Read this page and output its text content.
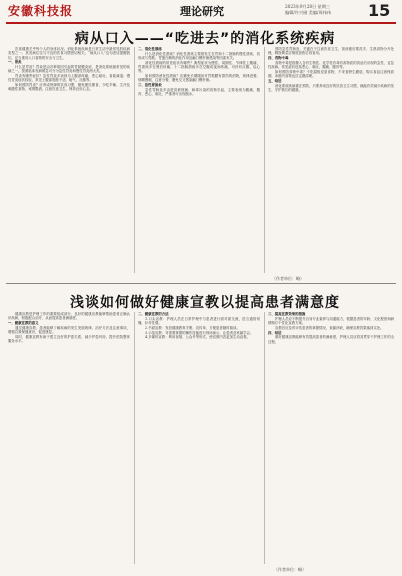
安徽科技报	理论研究	2023年9月28日 星期三
编辑/许兴刚 美编/周伟伟	15
病从口入——“吃进去”的消化系统疾病

饮食健康关乎每个人的身体状况。消化系统疾病是日常生活中最常见的疾病类型之一，其发病往往与不良的饮食习惯密切相关。“病从口入”这句老话提醒我们，应当重视入口食物的安全与卫生。

一、胃炎

什么是胃炎？胃炎是由各种原因引起的胃黏膜炎症，是消化系统最常见的疾病之一。按照临床发病缓急可分为急性胃炎和慢性胃炎两大类。

胃炎有哪些症状？急性胃炎多表现为上腹部疼痛、恶心呕吐、食欲减退；慢性胃炎症状较轻，常见上腹部饱胀不适、嗳气、反酸等。

如何预防胃炎？应养成规律的饮食习惯，避免暴饮暴食，少吃辛辣、生冷及刺激性食物，戒烟限酒，注意饮食卫生，保持良好心态。

二、消化性溃疡

什么是消化性溃疡？消化性溃疡主要指发生在胃和十二指肠的慢性溃疡，其形成与胃酸、胃蛋白酶的消化作用及幽门螺杆菌感染等因素有关。

消化性溃疡的常见症状有哪些？典型症状为慢性、周期性、节律性上腹痛，胃溃疡多在餐后疼痛，十二指肠溃疡多在空腹或夜间疼痛，可伴有反酸、烧心等。

如何预防消化性溃疡？应避免长期服用对胃黏膜有损伤的药物，规律进餐，细嚼慢咽，注意分餐，避免交叉感染幽门螺杆菌。

三、急性胃肠炎

急性胃肠炎多由进食被细菌、病毒污染的食物引起，主要表现为腹痛、腹泻、恶心、呕吐，严重者可出现脱水。

预防急性胃肠炎，关键在于注意饮食卫生，饭前便后要洗手，生熟食物分开处理，剩饭剩菜应彻底加热后再食用。

四、食物中毒

食物中毒是指摄入含有生物性、化学性有毒有害物质的食品后出现的急性、亚急性疾病。常见症状包括恶心、呕吐、腹痛、腹泻等。

如何预防食物中毒？不吃腐败变质食物，不采食野生蘑菇，购买食品注意保质期，冰箱内食物也应定期清理。

五、结语

消化系统疾病重在预防，只要养成良好的饮食卫生习惯，就能有效减少疾病的发生，守护我们的健康。

（作者单位：略）
浅谈如何做好健康宣教以提高患者满意度

健康宣教是护理工作的重要组成部分，良好的健康宣教能够帮助患者正确认识疾病，积极配合治疗，从而提高患者满意度。

一、健康宣教的意义

通过健康宣教，患者能够了解疾病的发生发展规律、治疗方法及注意事项，增强自我保健意识，促进康复。

同时，健康宣教有助于建立良好的护患关系，减少护患纠纷，提升医院整体服务水平。

二、健康宣教的方法

1.口头宣教：护理人员在日常护理中与患者进行面对面交流，语言通俗易懂，针对性强。

2.书面宣教：发放健康教育手册、宣传单，方便患者随时阅读。

3.示范宣教：对需要掌握的操作技能进行现场演示，让患者及家属学会。

4.多媒体宣教：利用视频、公众号等形式，使宣教内容更加生动直观。

三、提高宣教效果的措施

护理人员应不断提升自身专业素养与沟通能力，根据患者的年龄、文化程度和病情制订个性化宣教方案。

宣教后应及时评估患者的掌握情况，查漏补缺，确保宣教效果落到实处。

四、结语

做好健康宣教能够有效提高患者的满意度，护理人员应将其贯穿于护理工作的全过程。

（作者单位：略）
